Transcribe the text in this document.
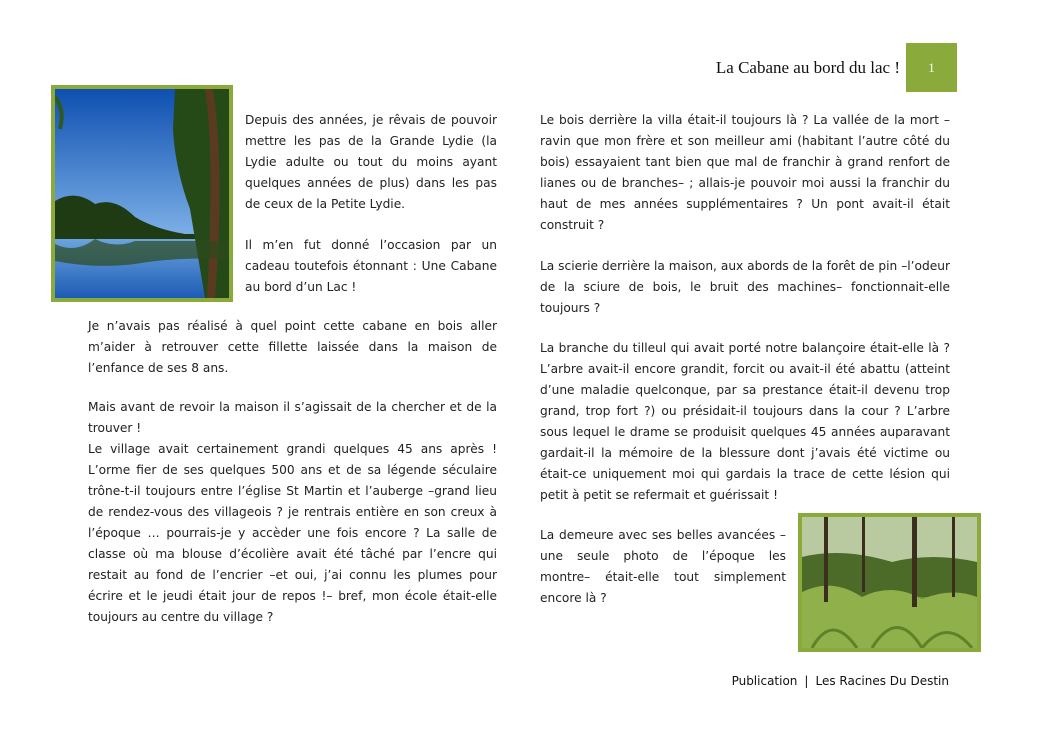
La Cabane au bord du lac !	1

Depuis des années, je rêvais de pouvoir mettre les pas de la Grande Lydie (la Lydie adulte ou tout du moins ayant quelques années de plus) dans les pas de ceux de la Petite Lydie.

Il m’en fut donné l’occasion par un cadeau toutefois étonnant : Une Cabane au bord d’un Lac !

Je n’avais pas réalisé à quel point cette cabane en bois aller m’aider à retrouver cette fillette laissée dans la maison de l’enfance de ses 8 ans.

Mais avant de revoir la maison il s’agissait de la chercher et de la trouver !

Le village avait certainement grandi quelques 45 ans après ! L’orme fier de ses quelques 500 ans et de sa légende séculaire trône-t-il toujours entre l’église St Martin et l’auberge –grand lieu de rendez-vous des villageois ? je rentrais entière en son creux à l’époque … pourrais-je y accèder une fois encore ? La salle de classe où ma blouse d’écolière avait été tâché par l’encre qui restait au fond de l’encrier –et oui, j’ai connu les plumes pour écrire et le jeudi était jour de repos !– bref, mon école était-elle toujours au centre du village ?

Le bois derrière la villa était-il toujours là ? La vallée de la mort –ravin que mon frère et son meilleur ami (habitant l’autre côté du bois) essayaient tant bien que mal de franchir à grand renfort de lianes ou de branches– ; allais-je pouvoir moi aussi la franchir du haut de mes années supplémentaires ? Un pont avait-il était construit ?

La scierie derrière la maison, aux abords de la forêt de pin –l’odeur de la sciure de bois, le bruit des machines– fonctionnait-elle toujours ?

La branche du tilleul qui avait porté notre balançoire était-elle là ? L’arbre avait-il encore grandit, forcit ou avait-il été abattu (atteint d’une maladie quelconque, par sa prestance était-il devenu trop grand, trop fort ?) ou présidait-il toujours dans la cour ? L’arbre sous lequel le drame se produisit quelques 45 années auparavant gardait-il la mémoire de la blessure dont j’avais été victime ou était-ce uniquement moi qui gardais la trace de cette lésion qui petit à petit se refermait et guérissait !

La demeure avec ses belles avancées – une seule photo de l’époque les montre– était-elle tout simplement encore là ?

Publication | Les Racines Du Destin
